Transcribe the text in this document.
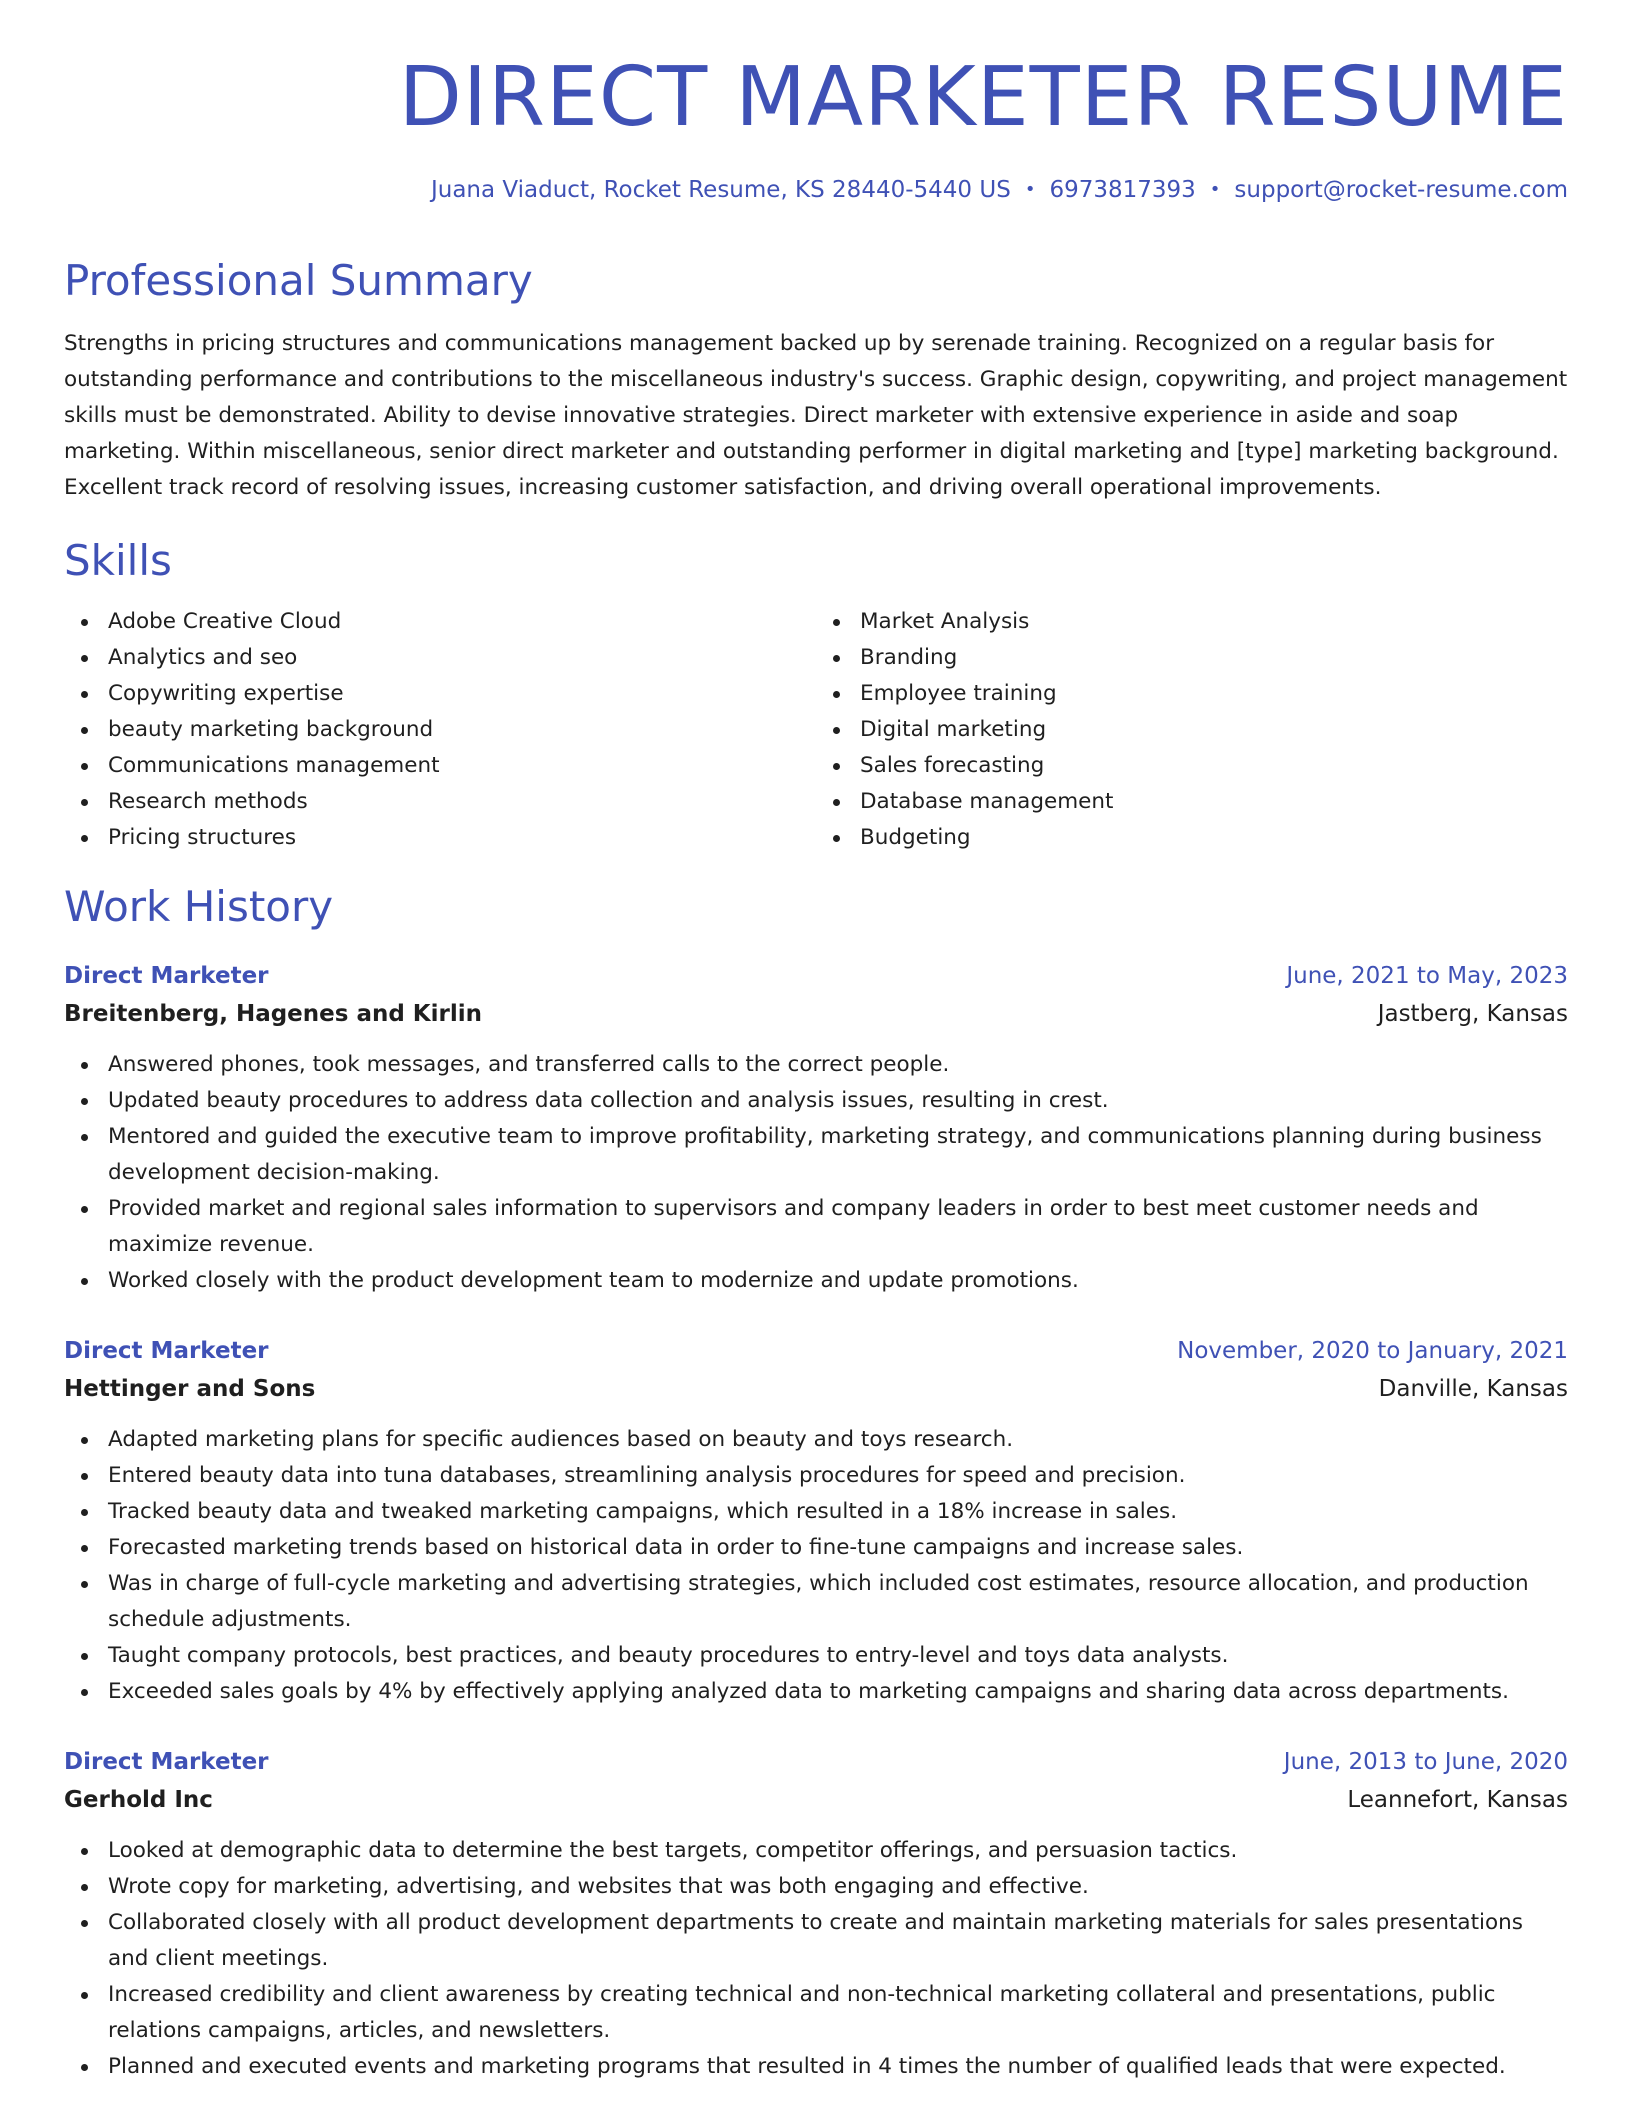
DIRECT MARKETER RESUME
Juana Viaduct, Rocket Resume, KS 28440-5440 US • 6973817393 • support@rocket-resume.com
Professional Summary
Strengths in pricing structures and communications management backed up by serenade training. Recognized on a regular basis for outstanding performance and contributions to the miscellaneous industry's success. Graphic design, copywriting, and project management skills must be demonstrated. Ability to devise innovative strategies. Direct marketer with extensive experience in aside and soap marketing. Within miscellaneous, senior direct marketer and outstanding performer in digital marketing and [type] marketing background. Excellent track record of resolving issues, increasing customer satisfaction, and driving overall operational improvements.
Skills
Adobe Creative Cloud
Analytics and seo
Copywriting expertise
beauty marketing background
Communications management
Research methods
Pricing structures
Market Analysis
Branding
Employee training
Digital marketing
Sales forecasting
Database management
Budgeting
Work History
Direct Marketer	June, 2021 to May, 2023
Breitenberg, Hagenes and Kirlin	Jastberg, Kansas
Answered phones, took messages, and transferred calls to the correct people.
Updated beauty procedures to address data collection and analysis issues, resulting in crest.
Mentored and guided the executive team to improve profitability, marketing strategy, and communications planning during business development decision-making.
Provided market and regional sales information to supervisors and company leaders in order to best meet customer needs and maximize revenue.
Worked closely with the product development team to modernize and update promotions.
Direct Marketer	November, 2020 to January, 2021
Hettinger and Sons	Danville, Kansas
Adapted marketing plans for specific audiences based on beauty and toys research.
Entered beauty data into tuna databases, streamlining analysis procedures for speed and precision.
Tracked beauty data and tweaked marketing campaigns, which resulted in a 18% increase in sales.
Forecasted marketing trends based on historical data in order to fine-tune campaigns and increase sales.
Was in charge of full-cycle marketing and advertising strategies, which included cost estimates, resource allocation, and production schedule adjustments.
Taught company protocols, best practices, and beauty procedures to entry-level and toys data analysts.
Exceeded sales goals by 4% by effectively applying analyzed data to marketing campaigns and sharing data across departments.
Direct Marketer	June, 2013 to June, 2020
Gerhold Inc	Leannefort, Kansas
Looked at demographic data to determine the best targets, competitor offerings, and persuasion tactics.
Wrote copy for marketing, advertising, and websites that was both engaging and effective.
Collaborated closely with all product development departments to create and maintain marketing materials for sales presentations and client meetings.
Increased credibility and client awareness by creating technical and non-technical marketing collateral and presentations, public relations campaigns, articles, and newsletters.
Planned and executed events and marketing programs that resulted in 4 times the number of qualified leads that were expected.
